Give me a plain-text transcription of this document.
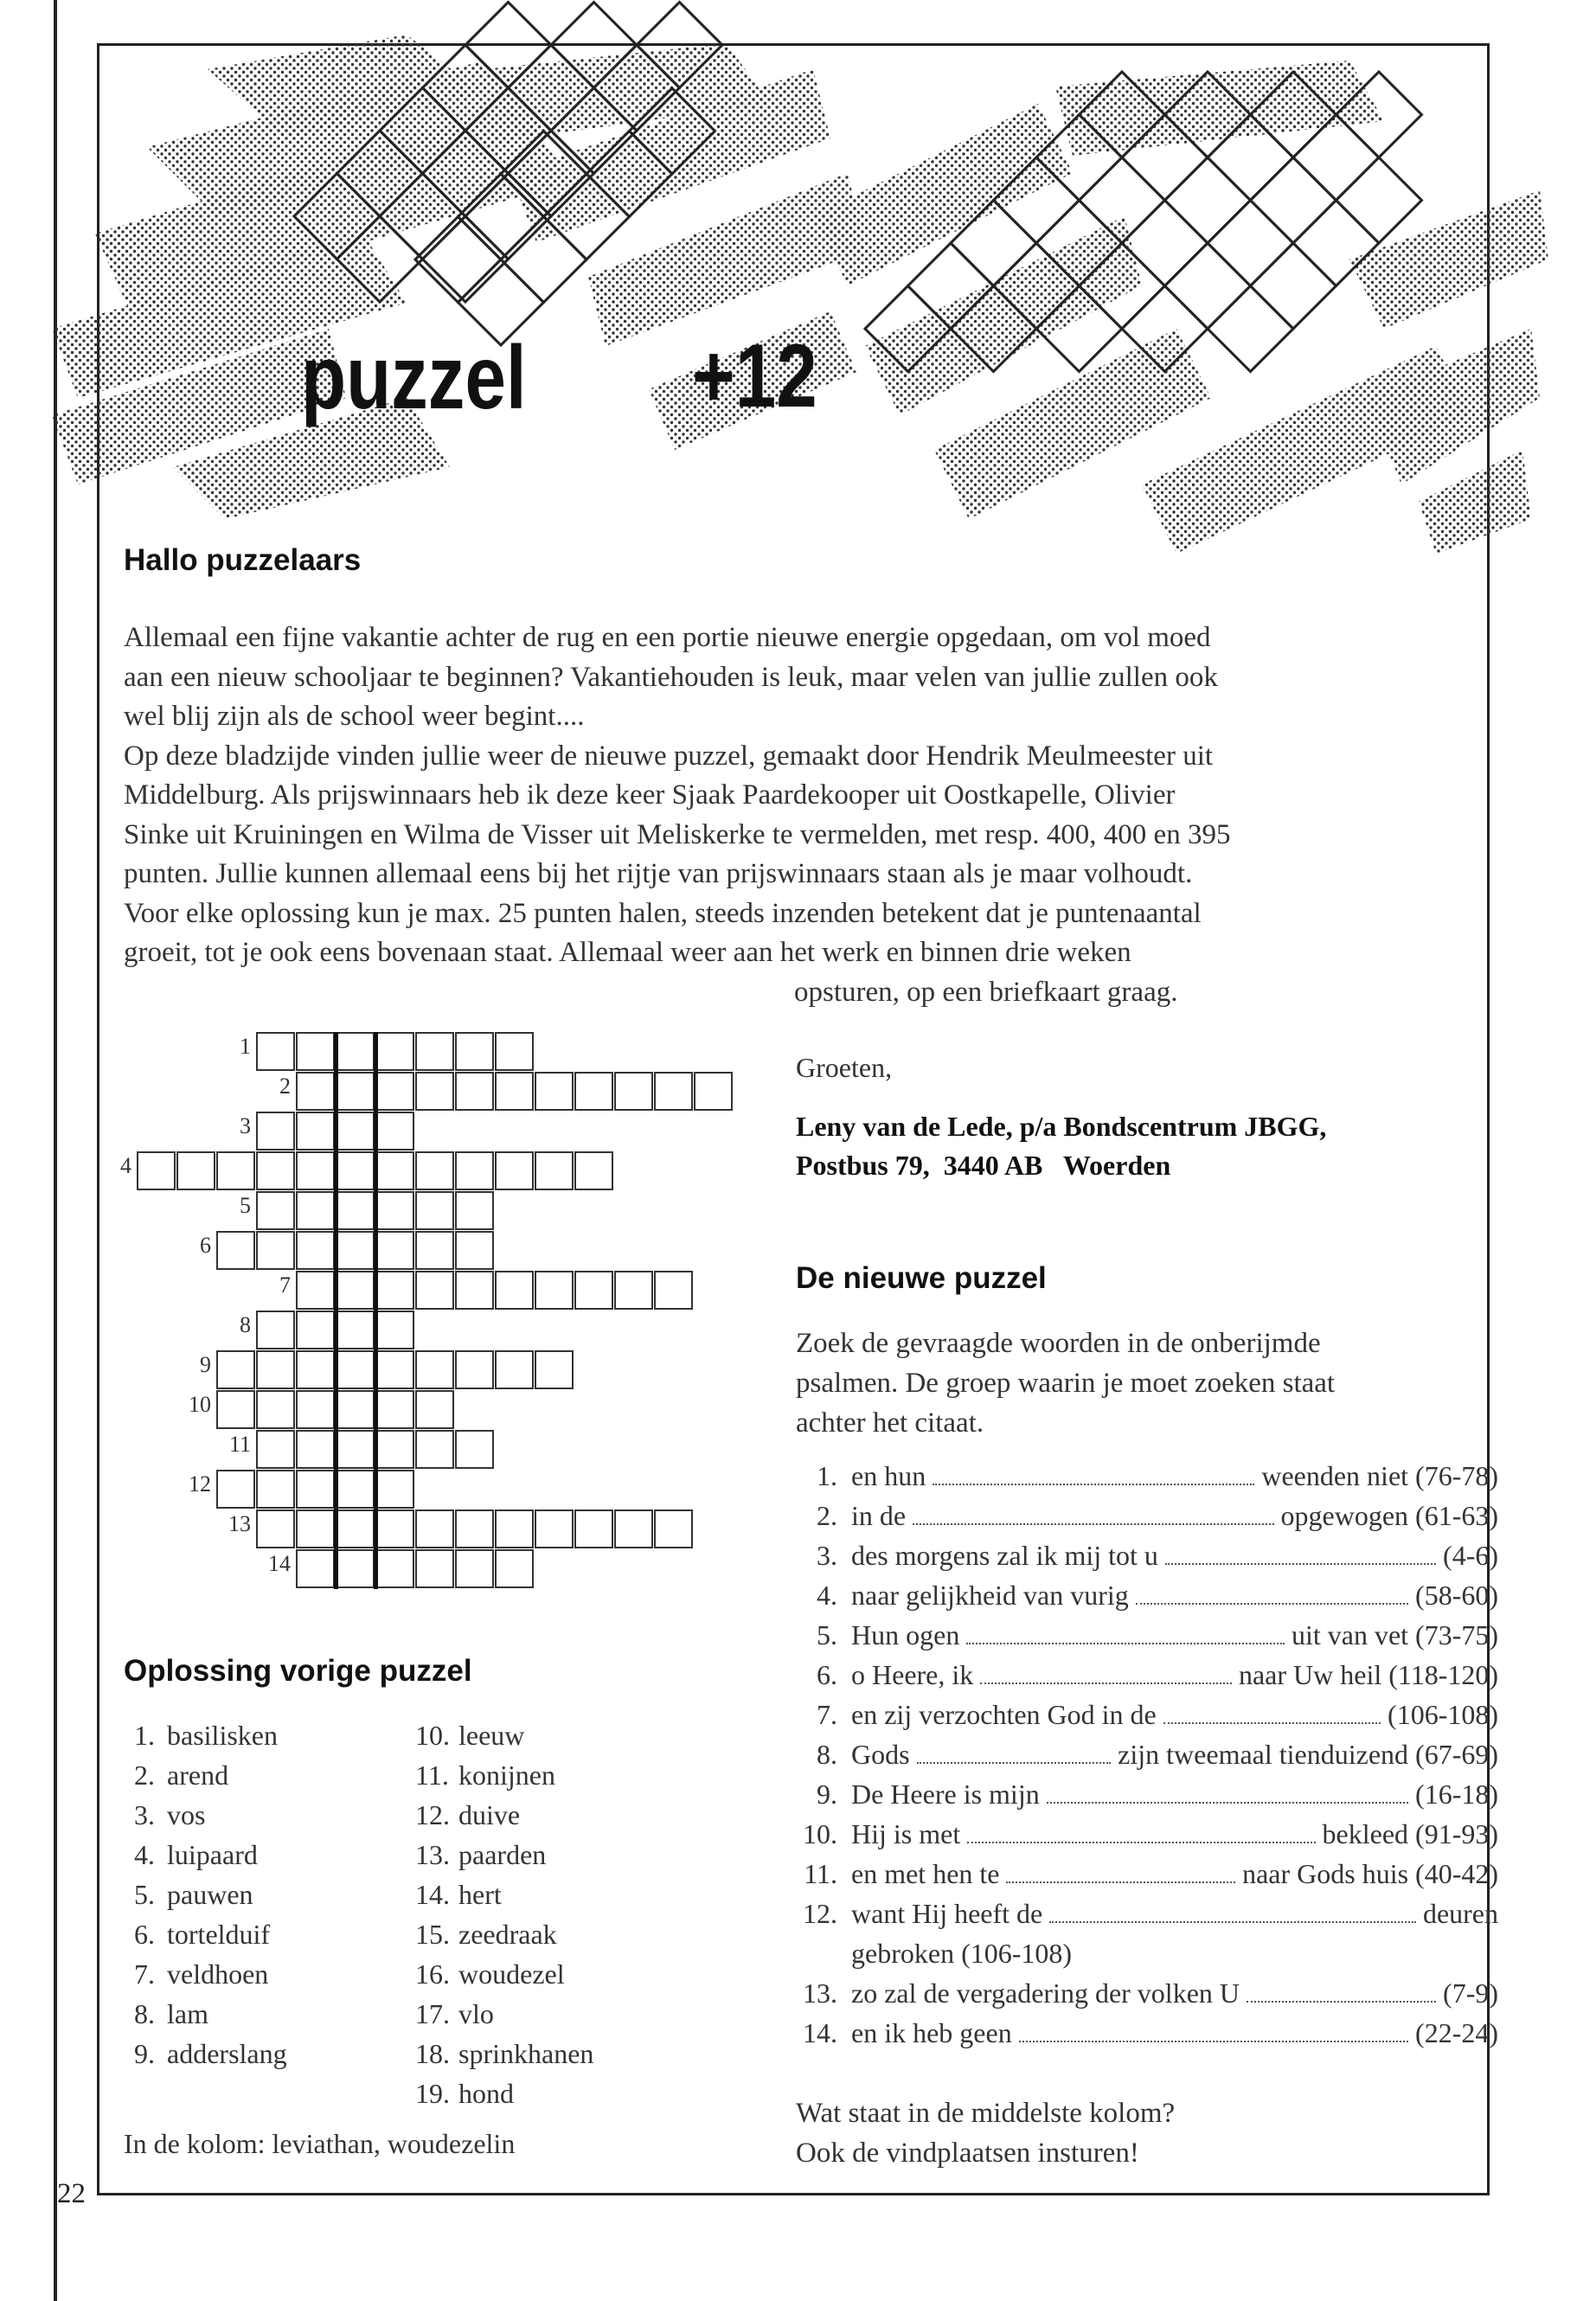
puzzel +12
Hallo puzzelaars
Allemaal een fijne vakantie achter de rug en een portie nieuwe energie opgedaan, om vol moed
aan een nieuw schooljaar te beginnen? Vakantiehouden is leuk, maar velen van jullie zullen ook
wel blij zijn als de school weer begint....
Op deze bladzijde vinden jullie weer de nieuwe puzzel, gemaakt door Hendrik Meulmeester uit
Middelburg. Als prijswinnaars heb ik deze keer Sjaak Paardekooper uit Oostkapelle, Olivier
Sinke uit Kruiningen en Wilma de Visser uit Meliskerke te vermelden, met resp. 400, 400 en 395
punten. Jullie kunnen allemaal eens bij het rijtje van prijswinnaars staan als je maar volhoudt.
Voor elke oplossing kun je max. 25 punten halen, steeds inzenden betekent dat je puntenaantal
groeit, tot je ook eens bovenaan staat. Allemaal weer aan het werk en binnen drie weken
opsturen, op een briefkaart graag.
1
2
3
4
5
6
7
8
9
10
11
12
13
14
Groeten,
Leny van de Lede, p/a Bondscentrum JBGG,
Postbus 79,  3440 AB   Woerden
De nieuwe puzzel
Zoek de gevraagde woorden in de onberijmde
psalmen. De groep waarin je moet zoeken staat
achter het citaat.
1. en hun	weenden niet (76-78)
2. in de	opgewogen (61-63)
3. des morgens zal ik mij tot u	(4-6)
4. naar gelijkheid van vurig	(58-60)
5. Hun ogen	uit van vet (73-75)
6. o Heere, ik	naar Uw heil (118-120)
7. en zij verzochten God in de	(106-108)
8. Gods	zijn tweemaal tienduizend (67-69)
9. De Heere is mijn	(16-18)
10. Hij is met	bekleed (91-93)
11. en met hen te	naar Gods huis (40-42)
12. want Hij heeft de	deuren
gebroken (106-108)
13. zo zal de vergadering der volken U	(7-9)
14. en ik heb geen	(22-24)
Wat staat in de middelste kolom?
Ook de vindplaatsen insturen!
Oplossing vorige puzzel
1. basilisken
2. arend
3. vos
4. luipaard
5. pauwen
6. tortelduif
7. veldhoen
8. lam
9. adderslang
10. leeuw
11. konijnen
12. duive
13. paarden
14. hert
15. zeedraak
16. woudezel
17. vlo
18. sprinkhanen
19. hond
In de kolom: leviathan, woudezelin
22
